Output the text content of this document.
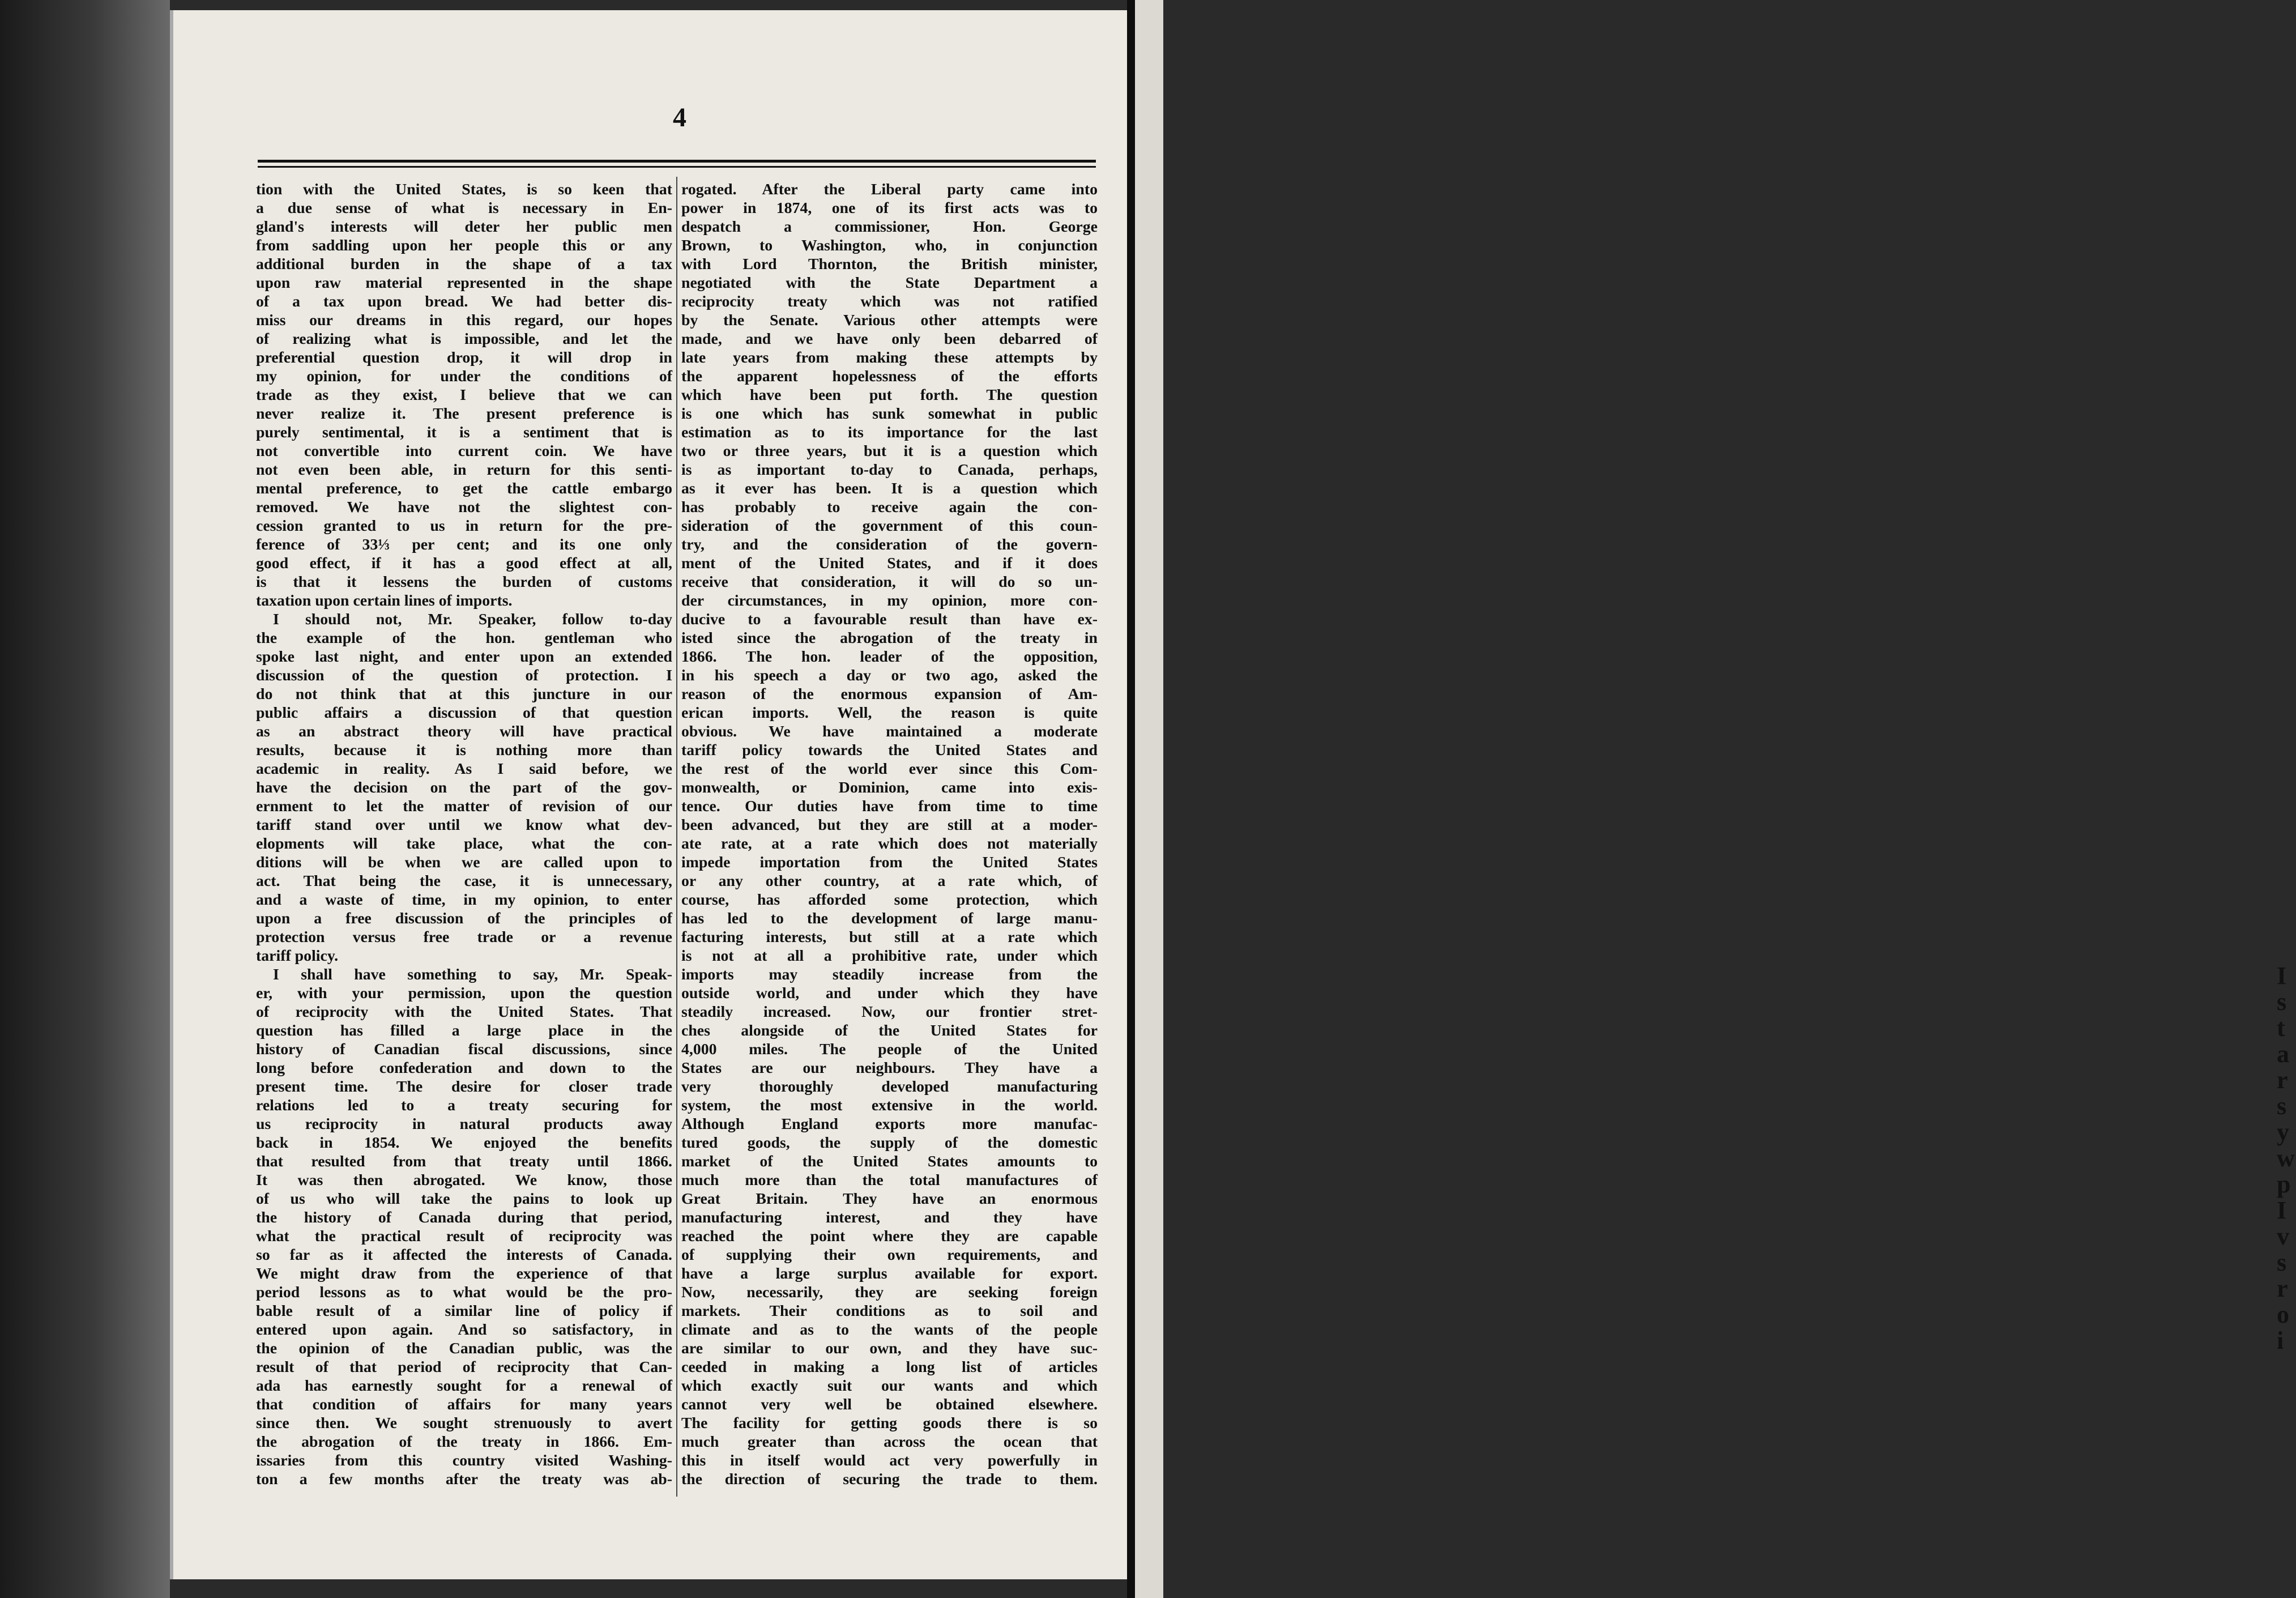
I
s
t
a
r
s
y
w
p
I
v
s
r
o
i
4
tion with the United States, is so keen that
a due sense of what is necessary in En-
gland's interests will deter her public men
from saddling upon her people this or any
additional burden in the shape of a tax
upon raw material represented in the shape
of a tax upon bread. We had better dis-
miss our dreams in this regard, our hopes
of realizing what is impossible, and let the
preferential question drop, it will drop in
my opinion, for under the conditions of
trade as they exist, I believe that we can
never realize it. The present preference is
purely sentimental, it is a sentiment that is
not convertible into current coin. We have
not even been able, in return for this senti-
mental preference, to get the cattle embargo
removed. We have not the slightest con-
cession granted to us in return for the pre-
ference of 33⅓ per cent; and its one only
good effect, if it has a good effect at all,
is that it lessens the burden of customs
taxation upon certain lines of imports.
I should not, Mr. Speaker, follow to-day
the example of the hon. gentleman who
spoke last night, and enter upon an extended
discussion of the question of protection. I
do not think that at this juncture in our
public affairs a discussion of that question
as an abstract theory will have practical
results, because it is nothing more than
academic in reality. As I said before, we
have the decision on the part of the gov-
ernment to let the matter of revision of our
tariff stand over until we know what dev-
elopments will take place, what the con-
ditions will be when we are called upon to
act. That being the case, it is unnecessary,
and a waste of time, in my opinion, to enter
upon a free discussion of the principles of
protection versus free trade or a revenue
tariff policy.
I shall have something to say, Mr. Speak-
er, with your permission, upon the question
of reciprocity with the United States. That
question has filled a large place in the
history of Canadian fiscal discussions, since
long before confederation and down to the
present time. The desire for closer trade
relations led to a treaty securing for
us reciprocity in natural products away
back in 1854. We enjoyed the benefits
that resulted from that treaty until 1866.
It was then abrogated. We know, those
of us who will take the pains to look up
the history of Canada during that period,
what the practical result of reciprocity was
so far as it affected the interests of Canada.
We might draw from the experience of that
period lessons as to what would be the pro-
bable result of a similar line of policy if
entered upon again. And so satisfactory, in
the opinion of the Canadian public, was the
result of that period of reciprocity that Can-
ada has earnestly sought for a renewal of
that condition of affairs for many years
since then. We sought strenuously to avert
the abrogation of the treaty in 1866. Em-
issaries from this country visited Washing-
ton a few months after the treaty was ab-
rogated. After the Liberal party came into
power in 1874, one of its first acts was to
despatch a commissioner, Hon. George
Brown, to Washington, who, in conjunction
with Lord Thornton, the British minister,
negotiated with the State Department a
reciprocity treaty which was not ratified
by the Senate. Various other attempts were
made, and we have only been debarred of
late years from making these attempts by
the apparent hopelessness of the efforts
which have been put forth. The question
is one which has sunk somewhat in public
estimation as to its importance for the last
two or three years, but it is a question which
is as important to-day to Canada, perhaps,
as it ever has been. It is a question which
has probably to receive again the con-
sideration of the government of this coun-
try, and the consideration of the govern-
ment of the United States, and if it does
receive that consideration, it will do so un-
der circumstances, in my opinion, more con-
ducive to a favourable result than have ex-
isted since the abrogation of the treaty in
1866. The hon. leader of the opposition,
in his speech a day or two ago, asked the
reason of the enormous expansion of Am-
erican imports. Well, the reason is quite
obvious. We have maintained a moderate
tariff policy towards the United States and
the rest of the world ever since this Com-
monwealth, or Dominion, came into exis-
tence. Our duties have from time to time
been advanced, but they are still at a moder-
ate rate, at a rate which does not materially
impede importation from the United States
or any other country, at a rate which, of
course, has afforded some protection, which
has led to the development of large manu-
facturing interests, but still at a rate which
is not at all a prohibitive rate, under which
imports may steadily increase from the
outside world, and under which they have
steadily increased. Now, our frontier stret-
ches alongside of the United States for
4,000 miles. The people of the United
States are our neighbours. They have a
very thoroughly developed manufacturing
system, the most extensive in the world.
Although England exports more manufac-
tured goods, the supply of the domestic
market of the United States amounts to
much more than the total manufactures of
Great Britain. They have an enormous
manufacturing interest, and they have
reached the point where they are capable
of supplying their own requirements, and
have a large surplus available for export.
Now, necessarily, they are seeking foreign
markets. Their conditions as to soil and
climate and as to the wants of the people
are similar to our own, and they have suc-
ceeded in making a long list of articles
which exactly suit our wants and which
cannot very well be obtained elsewhere.
The facility for getting goods there is so
much greater than across the ocean that
this in itself would act very powerfully in
the direction of securing the trade to them.
